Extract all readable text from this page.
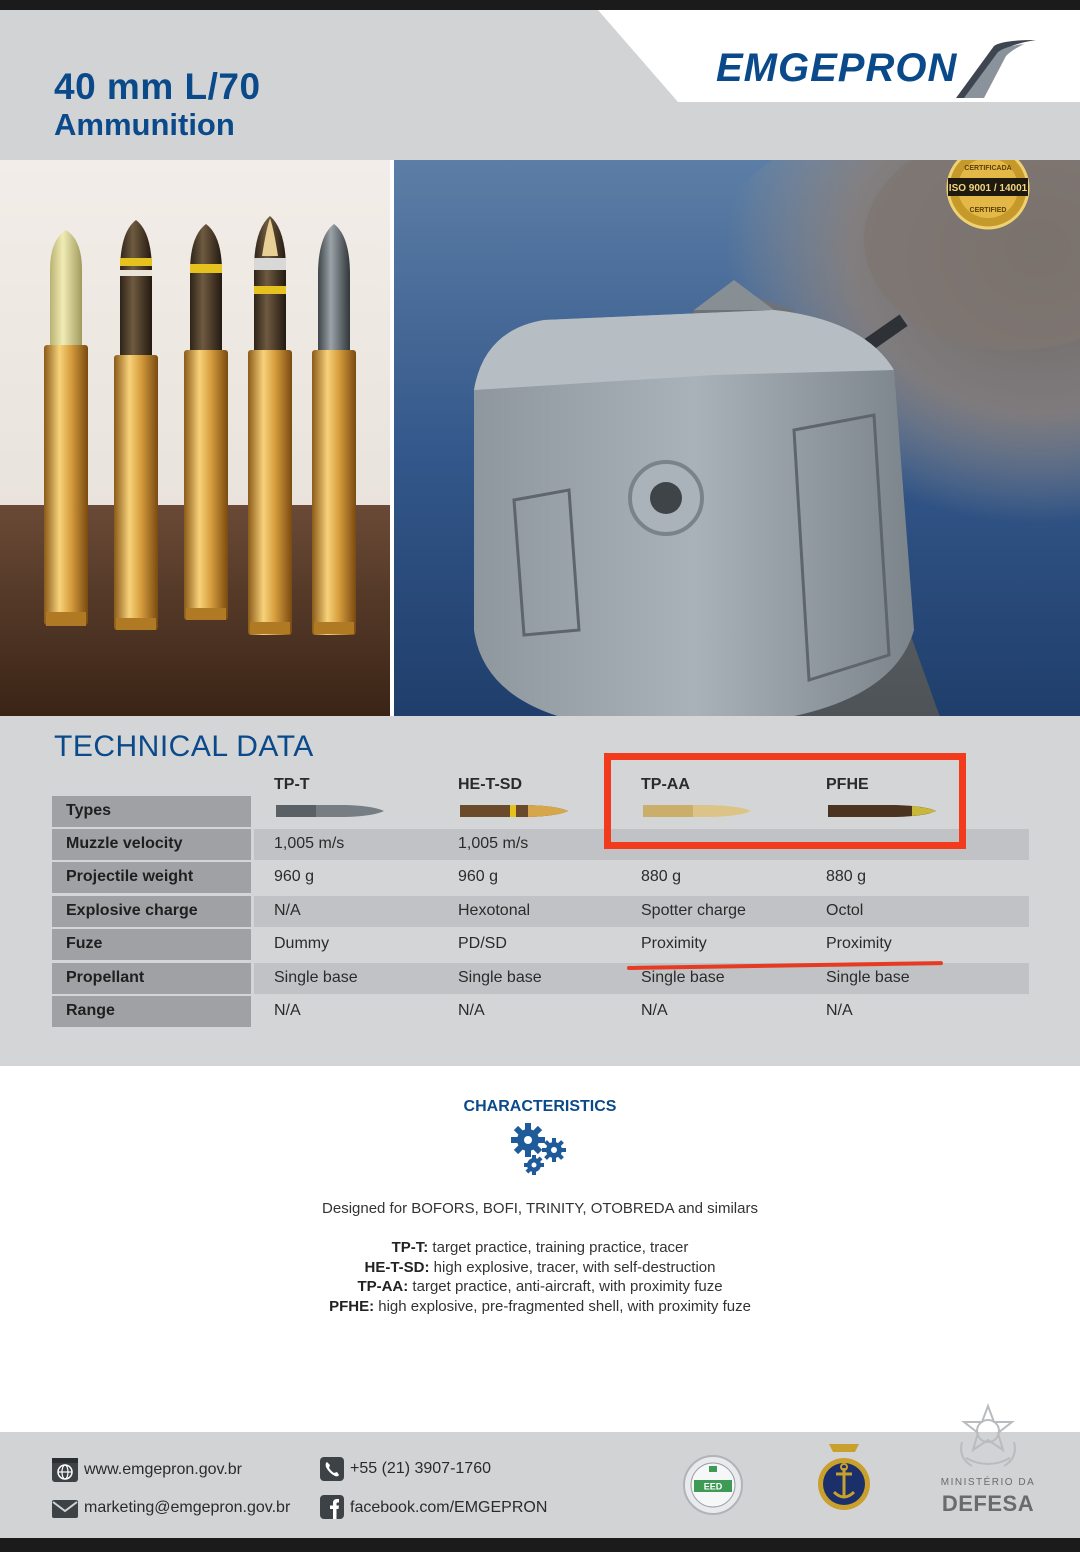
40 mm L/70
Ammunition
EMGEPRON
ISO 9001 / 14001
CERTIFICADA
CERTIFIED
TECHNICAL DATA
TP-T	HE-T-SD	TP-AA	PFHE
Types
Muzzle velocity	1,005 m/s	1,005 m/s
Projectile weight	960 g	960 g	880 g	880 g
Explosive charge	N/A	Hexotonal	Spotter charge	Octol
Fuze	Dummy	PD/SD	Proximity	Proximity
Propellant	Single base	Single base	Single base	Single base
Range	N/A	N/A	N/A	N/A
CHARACTERISTICS
Designed for BOFORS, BOFI, TRINITY, OTOBREDA and similars
TP-T: target practice, training practice, tracer
HE-T-SD: high explosive, tracer, with self-destruction
TP-AA: target practice, anti-aircraft, with proximity fuze
PFHE: high explosive, pre-fragmented shell, with proximity fuze
www.emgepron.gov.br
marketing@emgepron.gov.br
+55 (21) 3907-1760
facebook.com/EMGEPRON
EED	MINISTÉRIO DA
DEFESA
